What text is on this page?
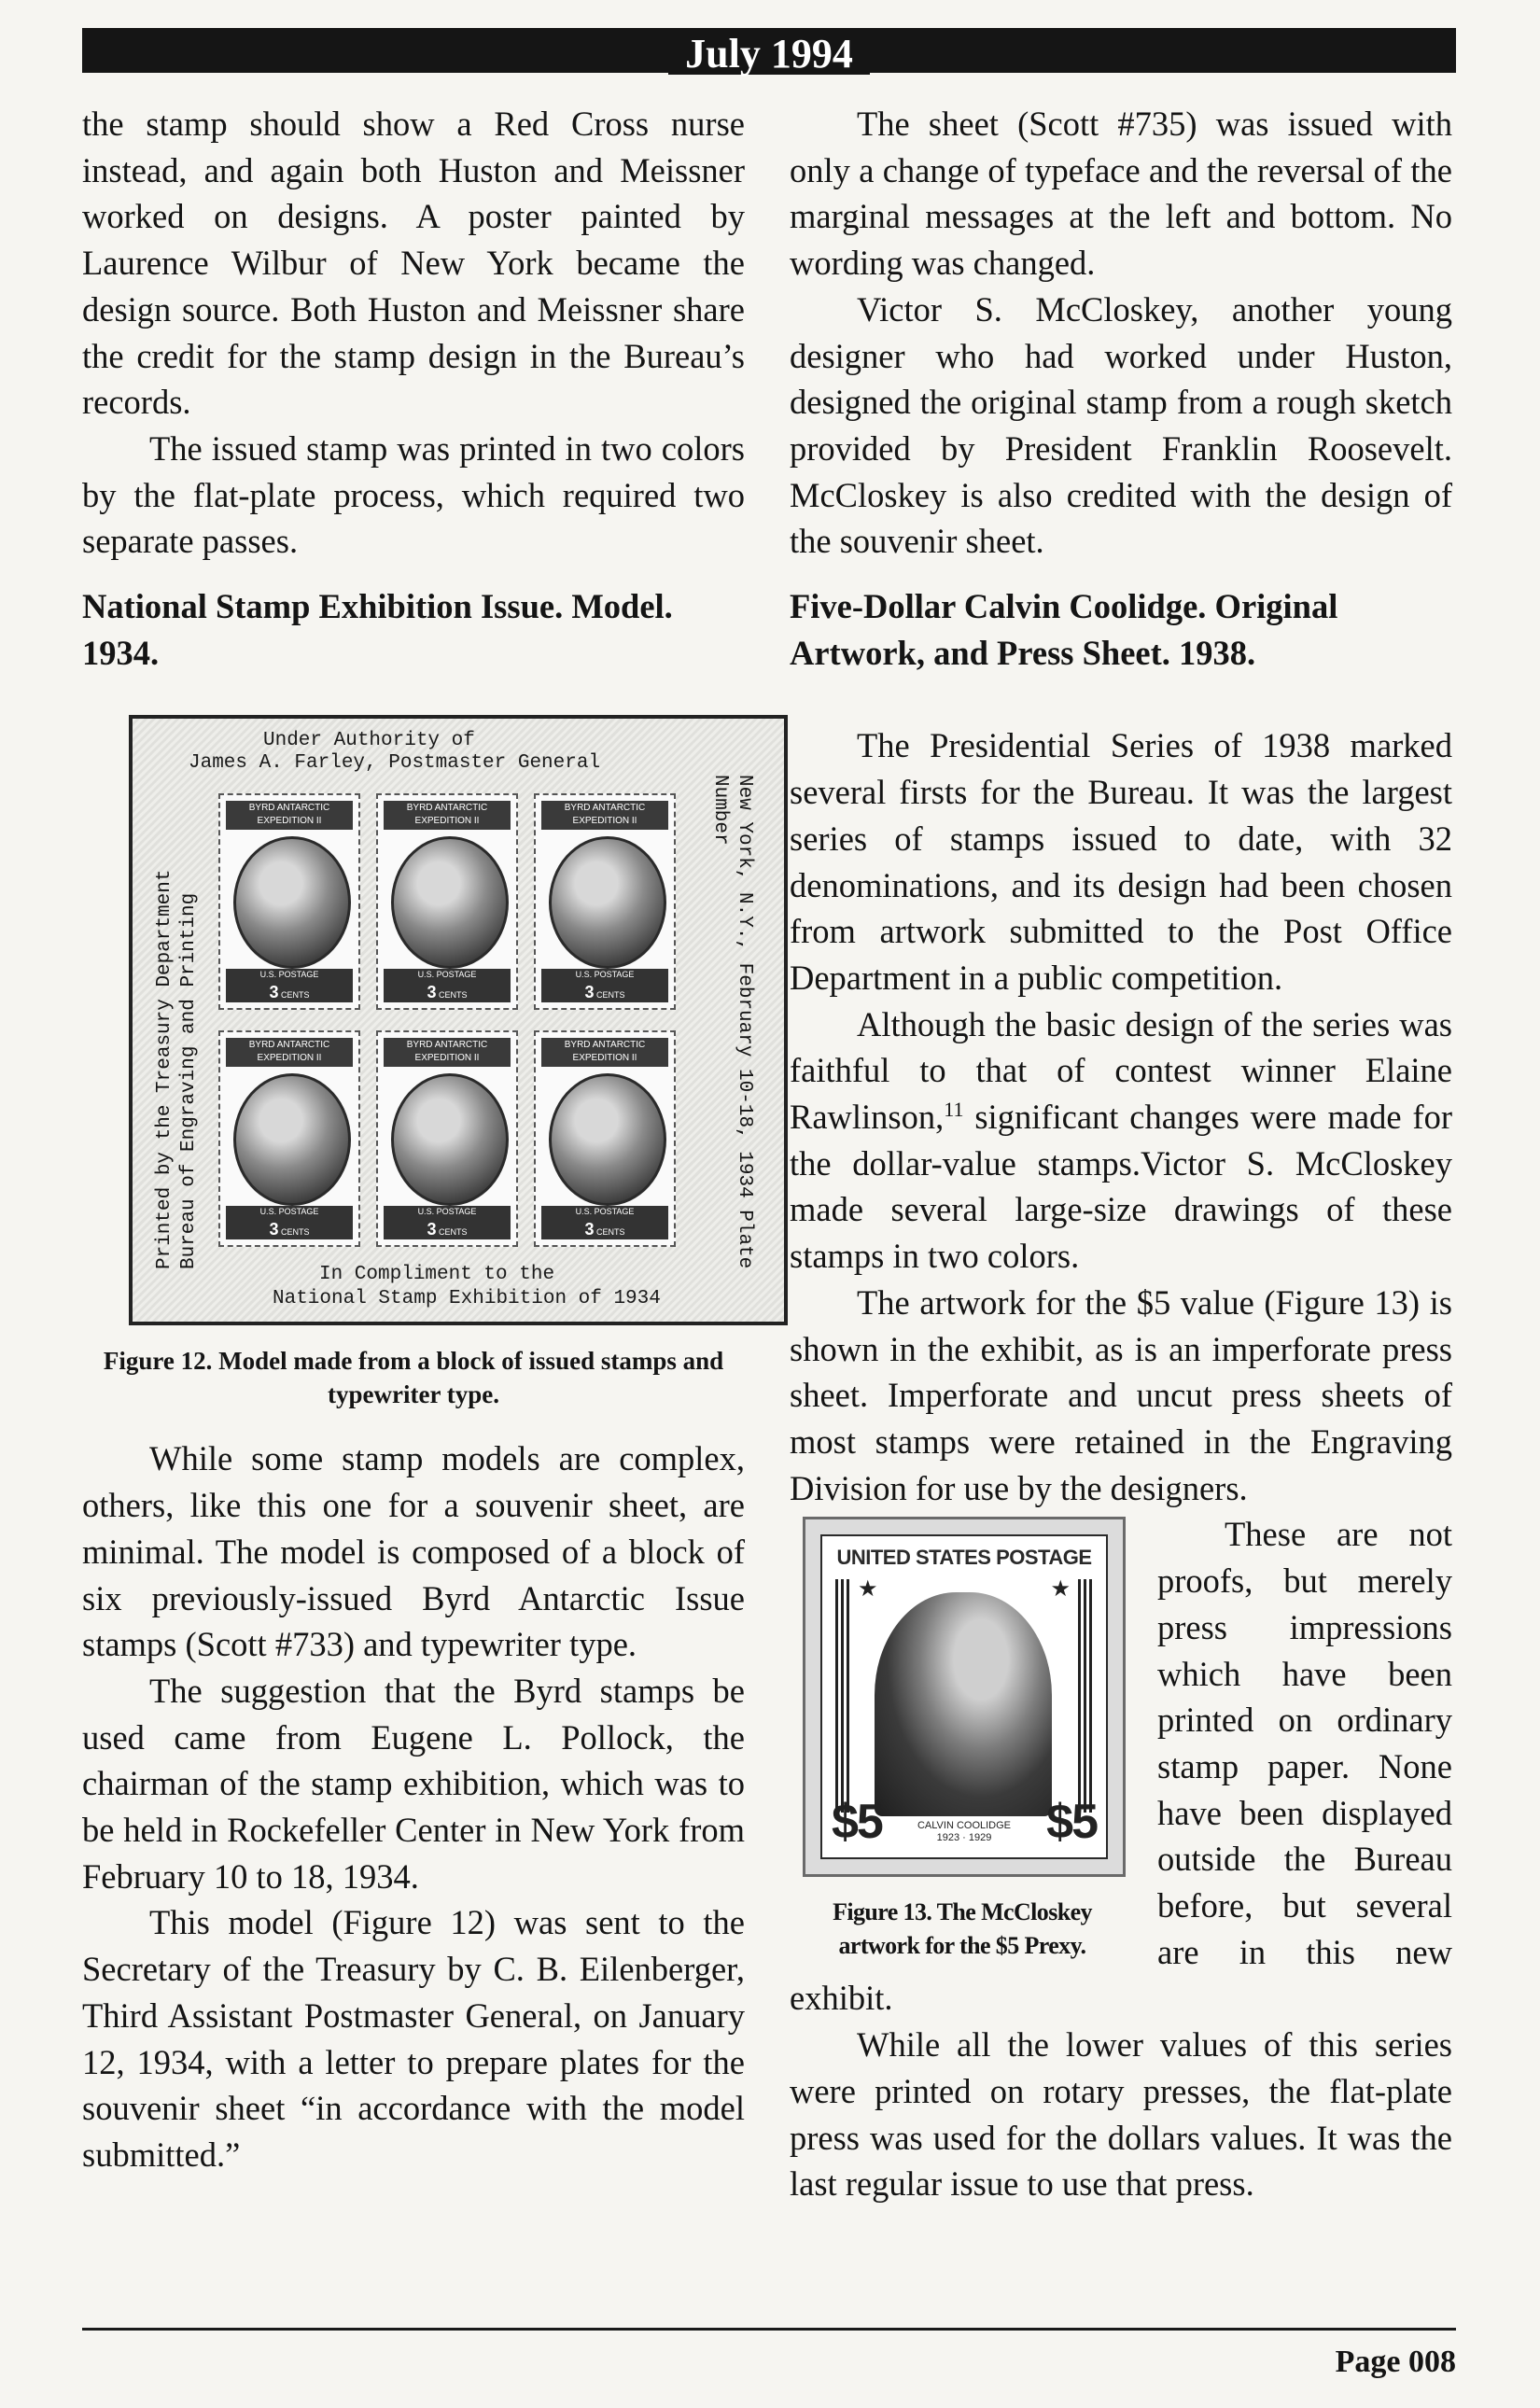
July 1994

the stamp should show a Red Cross nurse instead, and again both Huston and Meissner worked on designs. A poster painted by Laurence Wilbur of New York became the design source. Both Huston and Meissner share the credit for the stamp design in the Bureau’s records.

The issued stamp was printed in two colors by the flat-plate process, which required two separate passes.

National Stamp Exhibition Issue. Model. 1934.
Under Authority of
James A. Farley, Postmaster General
Printed by the Treasury Department Bureau of Engraving and Printing	New York, N.Y., February 10-18, 1934 Plate Number
BYRD ANTARCTIC EXPEDITION II
U.S. POSTAGE
3 CENTS
BYRD ANTARCTIC EXPEDITION II
U.S. POSTAGE
3 CENTS
BYRD ANTARCTIC EXPEDITION II
U.S. POSTAGE
3 CENTS
BYRD ANTARCTIC EXPEDITION II
U.S. POSTAGE
3 CENTS
BYRD ANTARCTIC EXPEDITION II
U.S. POSTAGE
3 CENTS
BYRD ANTARCTIC EXPEDITION II
U.S. POSTAGE
3 CENTS
In Compliment to the
National Stamp Exhibition of 1934
Figure 12. Model made from a block of issued stamps and typewriter type.

While some stamp models are complex, others, like this one for a souvenir sheet, are minimal. The model is composed of a block of six previously-issued Byrd Antarctic Issue stamps (Scott #733) and typewriter type.

The suggestion that the Byrd stamps be used came from Eugene L. Pollock, the chairman of the stamp exhibition, which was to be held in Rockefeller Center in New York from February 10 to 18, 1934.

This model (Figure 12) was sent to the Secretary of the Treasury by C. B. Eilenberger, Third Assistant Postmaster General, on January 12, 1934, with a letter to prepare plates for the souvenir sheet “in accordance with the model submitted.”

The sheet (Scott #735) was issued with only a change of typeface and the reversal of the marginal messages at the left and bottom. No wording was changed.

Victor S. McCloskey, another young designer who had worked under Huston, designed the original stamp from a rough sketch provided by President Franklin Roosevelt. McCloskey is also credited with the design of the souvenir sheet.

Five-Dollar Calvin Coolidge. Original Artwork, and Press Sheet. 1938.

The Presidential Series of 1938 marked several firsts for the Bureau. It was the largest series of stamps issued to date, with 32 denominations, and its design had been chosen from artwork submitted to the Post Office Department in a public competition.

Although the basic design of the series was faithful to that of contest winner Elaine Rawlinson,$^{11}$ significant changes were made for the dollar-value stamps.Victor S. McCloskey made several large-size drawings of these stamps in two colors.

The artwork for the $5 value (Figure 13) is shown in the exhibit, as is an imperforate press sheet. Imperforate and uncut press sheets of most stamps were retained in the Engraving Division for use by the designers.

UNITED STATES POSTAGE
★	★
$5	$5
CALVIN COOLIDGE
1923 · 1929
Figure 13. The McCloskey artwork for the $5 Prexy.

These are not proofs, but merely press impressions which have been printed on ordinary stamp paper. None have been displayed outside the Bureau before, but several are in this new exhibit.

While all the lower values of this series were printed on rotary presses, the flat-plate press was used for the dollars values. It was the last regular issue to use that press.

Page 008
